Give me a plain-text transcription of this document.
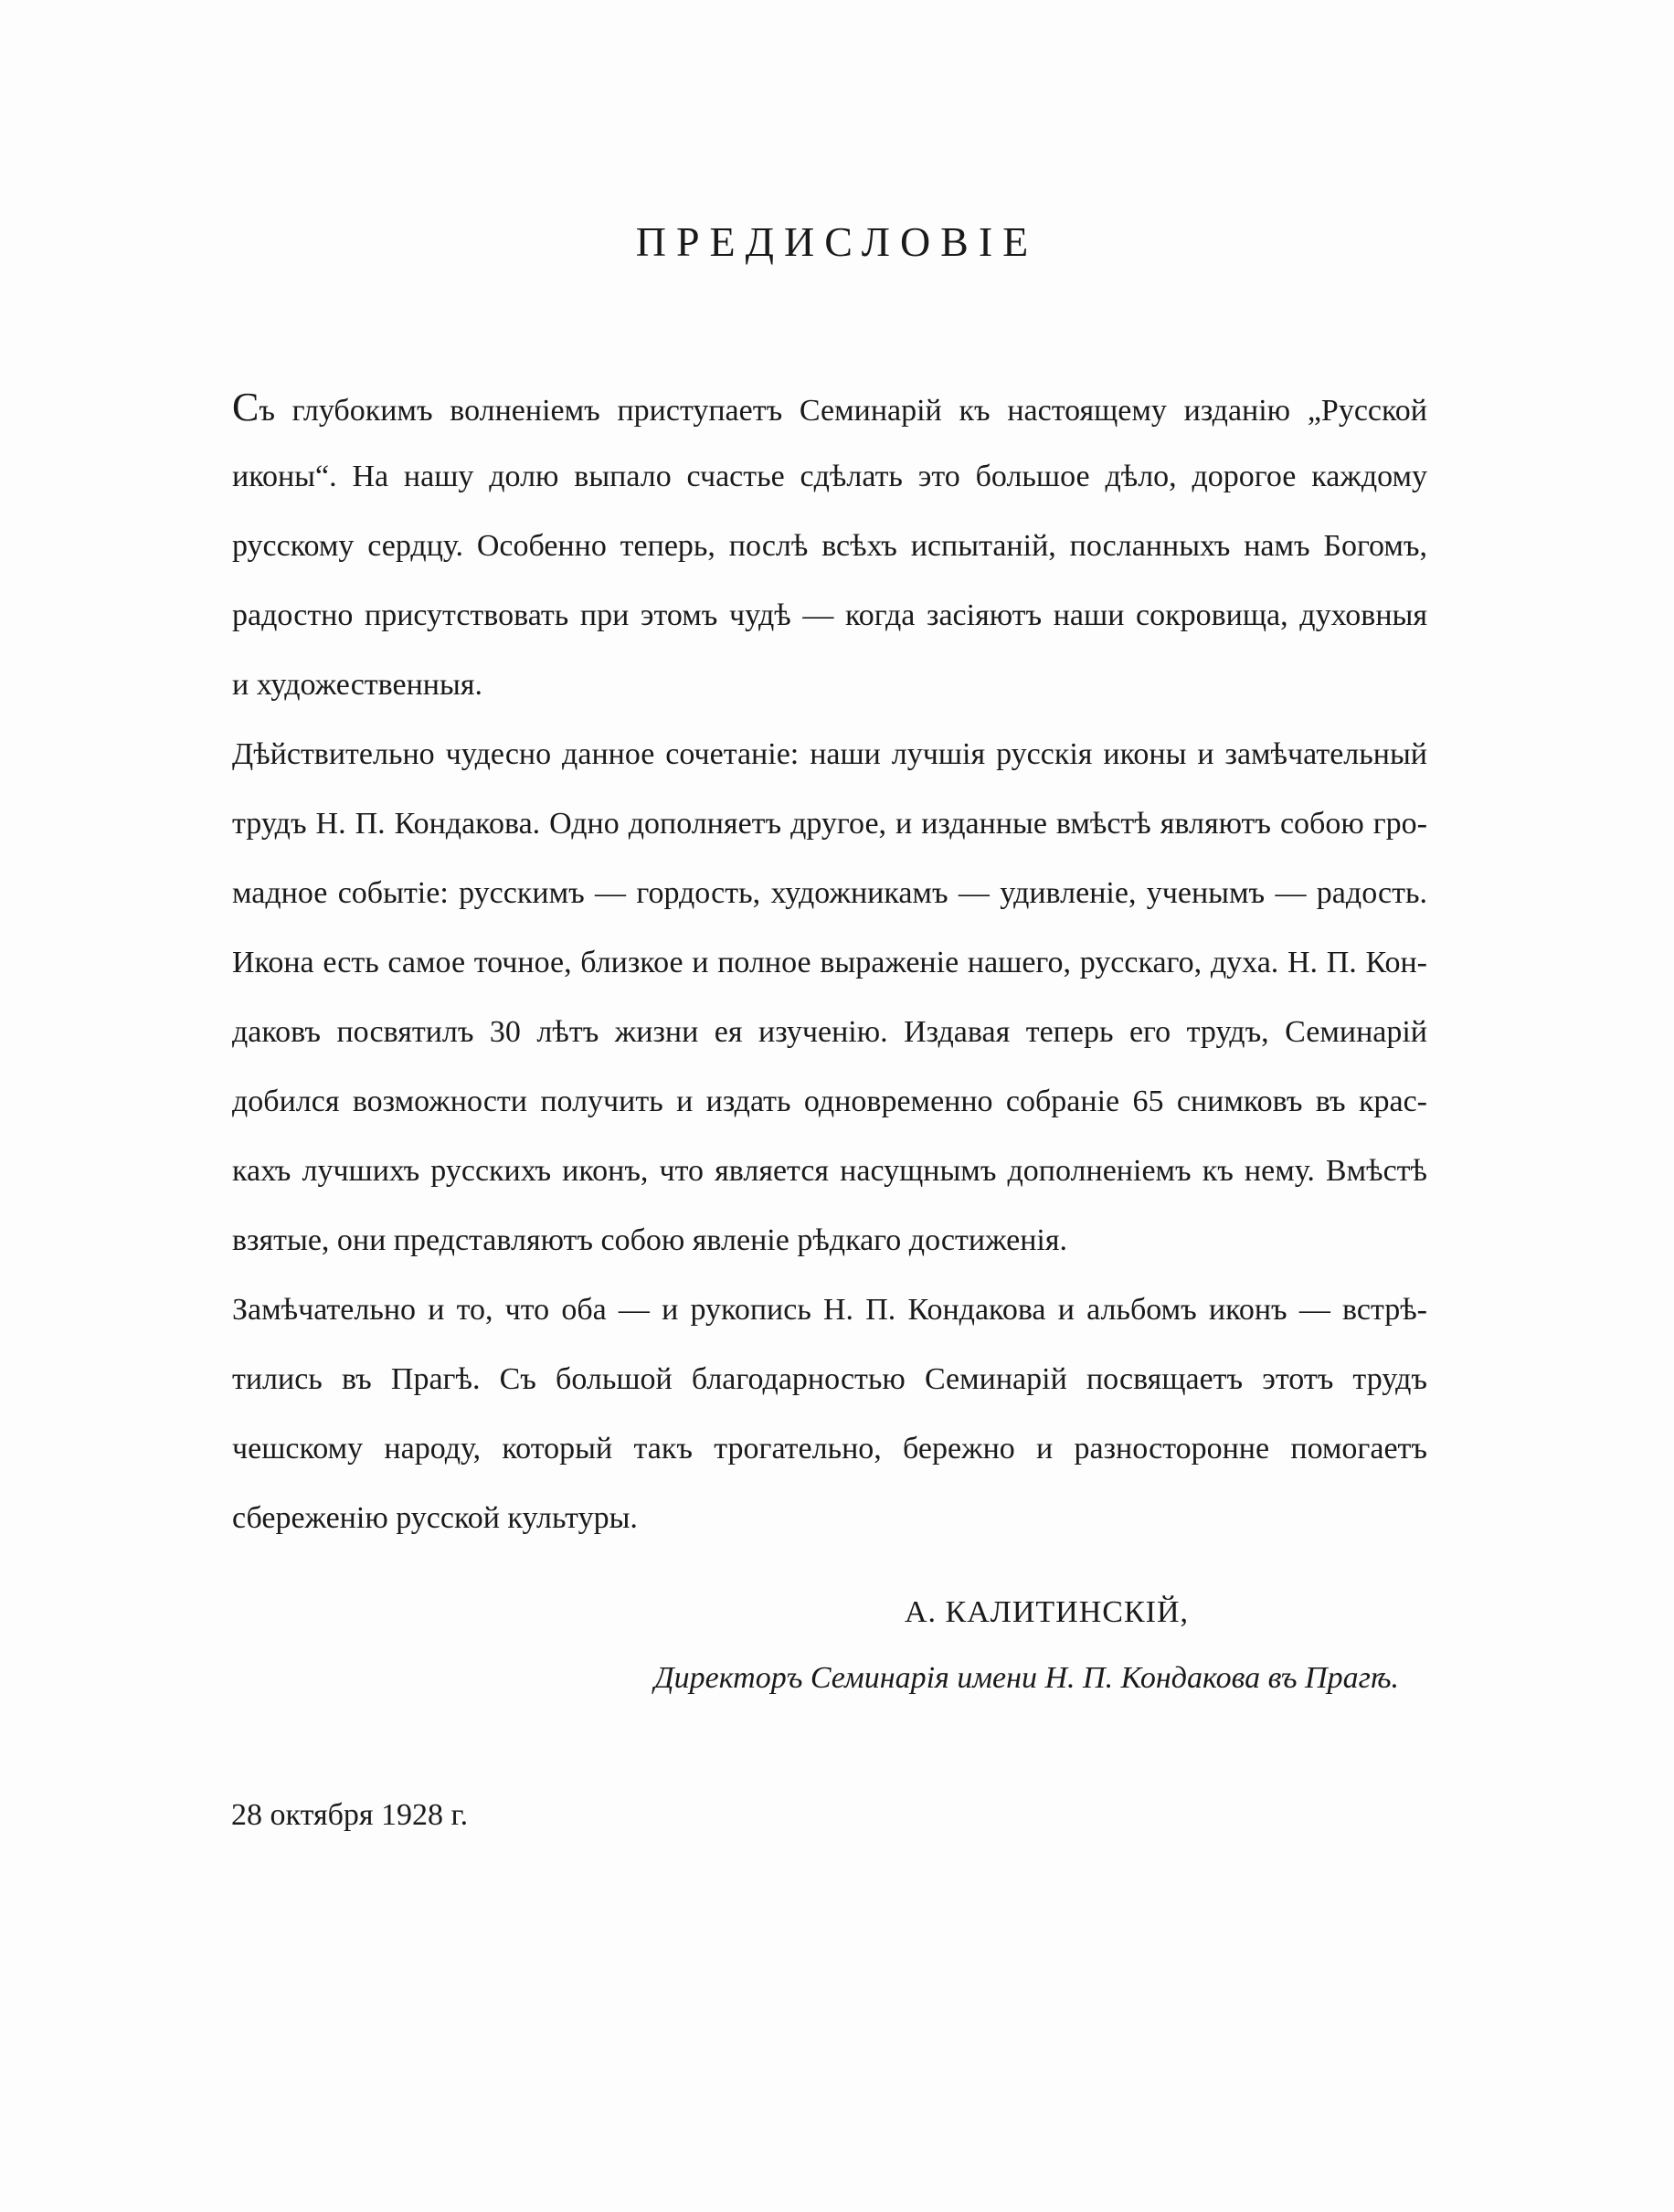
ПРЕДИСЛОВІЕ
Съ глубокимъ волненіемъ приступаетъ Семинарій къ настоящему изданію „Русской
иконы“. На нашу долю выпало счастье сдѣлать это большое дѣло, дорогое каждому
русскому сердцу. Особенно теперь, послѣ всѣхъ испытаній, посланныхъ намъ Богомъ,
радостно присутствовать при этомъ чудѣ — когда засіяютъ наши сокровища, духовныя
и художественныя.
Дѣйствительно чудесно данное сочетаніе: наши лучшія русскія иконы и замѣчательный
трудъ Н. П. Кондакова. Одно дополняетъ другое, и изданные вмѣстѣ являютъ собою гро-
мадное событіе: русскимъ — гордость, художникамъ — удивленіе, ученымъ — радость.
Икона есть самое точное, близкое и полное выраженіе нашего, русскаго, духа. Н. П. Кон-
даковъ посвятилъ 30 лѣтъ жизни ея изученію. Издавая теперь его трудъ, Семинарій
добился возможности получить и издать одновременно собраніе 65 снимковъ въ крас-
кахъ лучшихъ русскихъ иконъ, что является насущнымъ дополненіемъ къ нему. Вмѣстѣ
взятые, они представляютъ собою явленіе рѣдкаго достиженія.
Замѣчательно и то, что оба — и рукопись Н. П. Кондакова и альбомъ иконъ — встрѣ-
тились въ Прагѣ. Съ большой благодарностью Семинарій посвящаетъ этотъ трудъ
чешскому народу, который такъ трогательно, бережно и разносторонне помогаетъ
сбереженію русской культуры.
А. КАЛИТИНСКІЙ,
Директоръ Семинарія имени Н. П. Кондакова въ Прагѣ.
28 октября 1928 г.
